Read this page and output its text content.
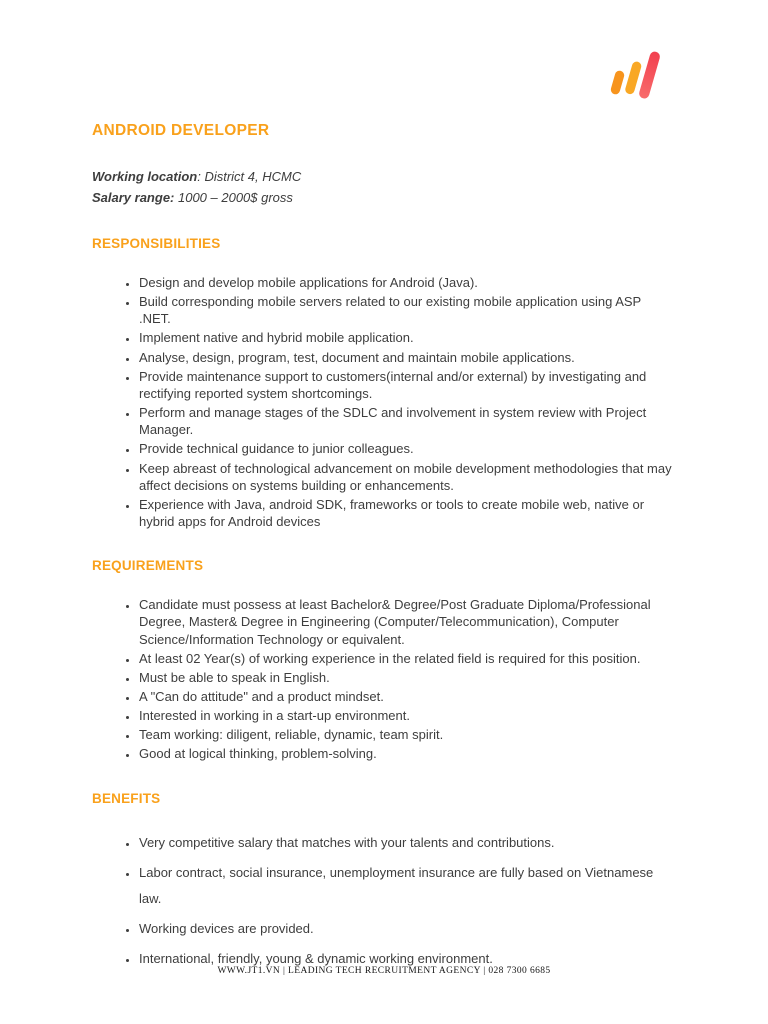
ANDROID DEVELOPER
Working location: District 4, HCMC
Salary range: 1000 – 2000$ gross
RESPONSIBILITIES
• Design and develop mobile applications for Android (Java).
• Build corresponding mobile servers related to our existing mobile application using ASP .NET.
• Implement native and hybrid mobile application.
• Analyse, design, program, test, document and maintain mobile applications.
• Provide maintenance support to customers(internal and/or external) by investigating and rectifying reported system shortcomings.
• Perform and manage stages of the SDLC and involvement in system review with Project Manager.
• Provide technical guidance to junior colleagues.
• Keep abreast of technological advancement on mobile development methodologies that may affect decisions on systems building or enhancements.
• Experience with Java, android SDK, frameworks or tools to create mobile web, native or hybrid apps for Android devices
REQUIREMENTS
• Candidate must possess at least Bachelor& Degree/Post Graduate Diploma/Professional Degree, Master& Degree in Engineering (Computer/Telecommunication), Computer Science/Information Technology or equivalent.
• At least 02 Year(s) of working experience in the related field is required for this position.
• Must be able to speak in English.
• A "Can do attitude" and a product mindset.
• Interested in working in a start-up environment.
• Team working: diligent, reliable, dynamic, team spirit.
• Good at logical thinking, problem-solving.
BENEFITS
• Very competitive salary that matches with your talents and contributions.
• Labor contract, social insurance, unemployment insurance are fully based on Vietnamese law.
• Working devices are provided.
• International, friendly, young & dynamic working environment.
WWW.JT1.VN | LEADING TECH RECRUITMENT AGENCY | 028 7300 6685
